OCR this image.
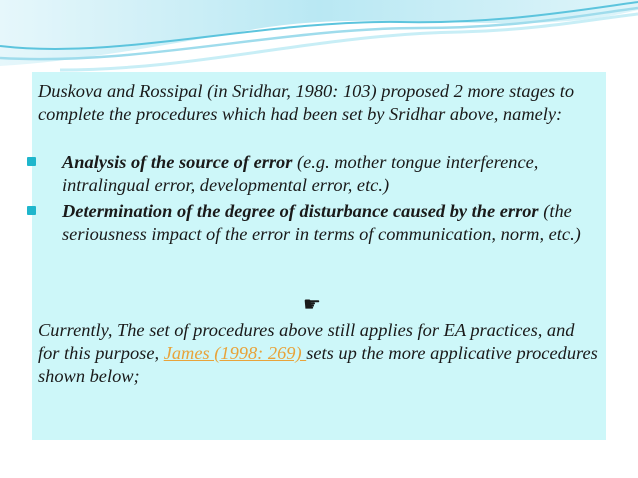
Duskova and Rossipal (in Sridhar, 1980: 103) proposed 2 more stages to complete the procedures which had been set by Sridhar above, namely:

Analysis of the source of error (e.g. mother tongue interference, intralingual error, developmental error, etc.)
Determination of the degree of disturbance caused by the error (the seriousness impact of the error in terms of communication, norm, etc.)
☛

Currently, The set of procedures above still applies for EA practices, and for this purpose, James (1998: 269) sets up the more applicative procedures shown below;
